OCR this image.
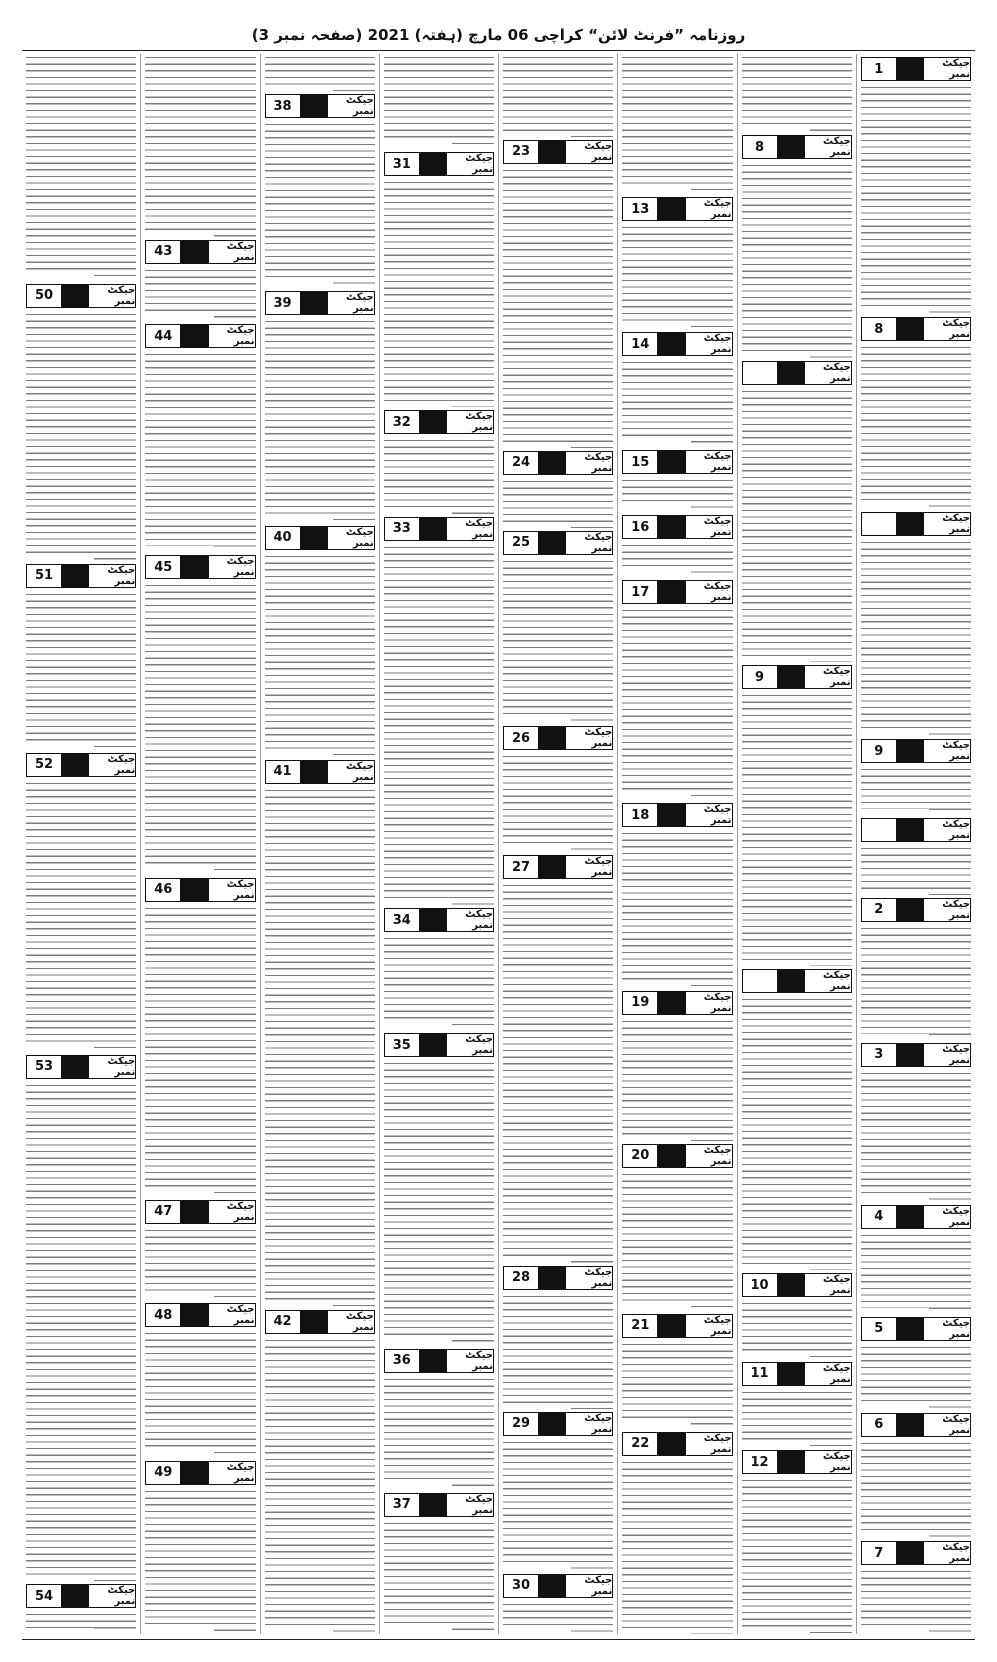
روزنامہ ”فرنٹ لائن“ کراچی 06 مارچ (ہفتہ) 2021 (صفحہ نمبر 3)
جیکٹ نمبر
1
جیکٹ نمبر
8
جیکٹ نمبر
جیکٹ نمبر
9
جیکٹ نمبر
جیکٹ نمبر
2
جیکٹ نمبر
3
جیکٹ نمبر
4
جیکٹ نمبر
5
جیکٹ نمبر
6
جیکٹ نمبر
7
جیکٹ نمبر
8
جیکٹ نمبر
جیکٹ نمبر
9
جیکٹ نمبر
جیکٹ نمبر
10
جیکٹ نمبر
11
جیکٹ نمبر
12
جیکٹ نمبر
13
جیکٹ نمبر
14
جیکٹ نمبر
15
جیکٹ نمبر
16
جیکٹ نمبر
17
جیکٹ نمبر
18
جیکٹ نمبر
19
جیکٹ نمبر
20
جیکٹ نمبر
21
جیکٹ نمبر
22
جیکٹ نمبر
23
جیکٹ نمبر
24
جیکٹ نمبر
25
جیکٹ نمبر
26
جیکٹ نمبر
27
جیکٹ نمبر
28
جیکٹ نمبر
29
جیکٹ نمبر
30
جیکٹ نمبر
31
جیکٹ نمبر
32
جیکٹ نمبر
33
جیکٹ نمبر
34
جیکٹ نمبر
35
جیکٹ نمبر
36
جیکٹ نمبر
37
جیکٹ نمبر
38
جیکٹ نمبر
39
جیکٹ نمبر
40
جیکٹ نمبر
41
جیکٹ نمبر
42
جیکٹ نمبر
43
جیکٹ نمبر
44
جیکٹ نمبر
45
جیکٹ نمبر
46
جیکٹ نمبر
47
جیکٹ نمبر
48
جیکٹ نمبر
49
جیکٹ نمبر
50
جیکٹ نمبر
51
جیکٹ نمبر
52
جیکٹ نمبر
53
جیکٹ نمبر
54
